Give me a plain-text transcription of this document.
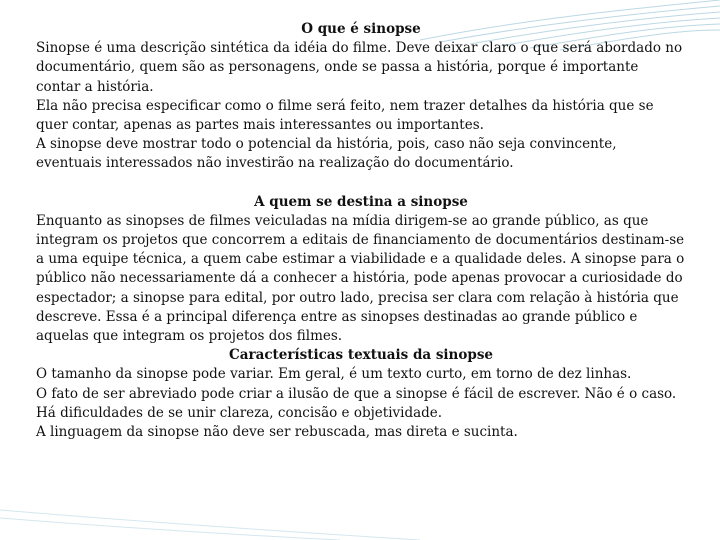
O que é sinopse

Sinopse é uma descrição sintética da idéia do filme. Deve deixar claro o que será abordado no documentário, quem são as personagens, onde se passa a história, porque é importante contar a história.

Ela não precisa especificar como o filme será feito, nem trazer detalhes da história que se quer contar, apenas as partes mais interessantes ou importantes.

A sinopse deve mostrar todo o potencial da história, pois, caso não seja convincente, eventuais interessados não investirão na realização do documentário.

A quem se destina a sinopse

Enquanto as sinopses de filmes veiculadas na mídia dirigem-se ao grande público, as que integram os projetos que concorrem a editais de financiamento de documentários destinam-se a uma equipe técnica, a quem cabe estimar a viabilidade e a qualidade deles. A sinopse para o público não necessariamente dá a conhecer a história, pode apenas provocar a curiosidade do espectador; a sinopse para edital, por outro lado, precisa ser clara com relação à história que descreve. Essa é a principal diferença entre as sinopses destinadas ao grande público e aquelas que integram os projetos dos filmes.

Características textuais da sinopse

O tamanho da sinopse pode variar. Em geral, é um texto curto, em torno de dez linhas.

O fato de ser abreviado pode criar a ilusão de que a sinopse é fácil de escrever. Não é o caso. Há dificuldades de se unir clareza, concisão e objetividade.

A linguagem da sinopse não deve ser rebuscada, mas direta e sucinta.
